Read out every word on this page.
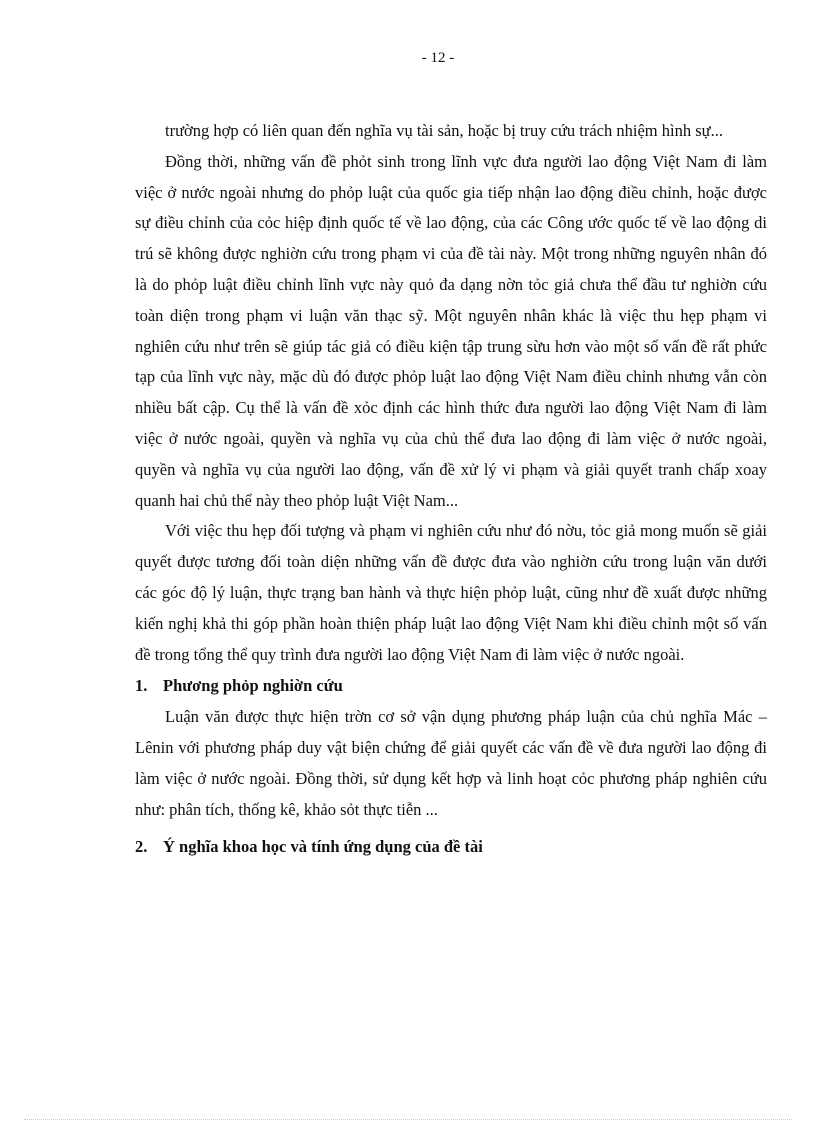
- 12 -

trường hợp có liên quan đến nghĩa vụ tài sản, hoặc bị truy cứu trách nhiệm hình sự...

Đồng thời, những vấn đề phỏt sinh trong lĩnh vực đưa người lao động Việt Nam đi làm việc ở nước ngoài nhưng do phỏp luật của quốc gia tiếp nhận lao động điều chỉnh, hoặc được sự điều chỉnh của cỏc hiệp định quốc tế về lao động, của các Công ước quốc tế về lao động di trú sẽ không được nghiờn cứu trong phạm vi của đề tài này. Một trong những nguyên nhân đó là do phỏp luật điều chỉnh lĩnh vực này quỏ đa dạng nờn tỏc giả chưa thể đầu tư nghiờn cứu toàn diện trong phạm vi luận văn thạc sỹ. Một nguyên nhân khác là việc thu hẹp phạm vi nghiên cứu như trên sẽ giúp tác giả có điều kiện tập trung sừu hơn vào một số vấn đề rất phức tạp của lĩnh vực này, mặc dù đó được phỏp luật lao động Việt Nam điều chỉnh nhưng vẫn còn nhiều bất cập. Cụ thể là vấn đề xỏc định các hình thức đưa người lao động Việt Nam đi làm việc ở nước ngoài, quyền và nghĩa vụ của chủ thể đưa lao động đi làm việc ở nước ngoài, quyền và nghĩa vụ của người lao động, vấn đề xử lý vi phạm và giải quyết tranh chấp xoay quanh hai chủ thể này theo phỏp luật Việt Nam...

Với việc thu hẹp đối tượng và phạm vi nghiên cứu như đó nờu, tỏc giả mong muốn sẽ giải quyết được tương đối toàn diện những vấn đề được đưa vào nghiờn cứu trong luận văn dưới các góc độ lý luận, thực trạng ban hành và thực hiện phỏp luật, cũng như đề xuất được những kiến nghị khả thi góp phần hoàn thiện pháp luật lao động Việt Nam khi điều chỉnh một số vấn đề trong tổng thể quy trình đưa người lao động Việt Nam đi làm việc ở nước ngoài.

1. Phương phỏp nghiờn cứu

Luận văn được thực hiện trờn cơ sở vận dụng phương pháp luận của chủ nghĩa Mác – Lênin với phương pháp duy vật biện chứng để giải quyết các vấn đề về đưa người lao động đi làm việc ở nước ngoài. Đồng thời, sử dụng kết hợp và linh hoạt cỏc phương pháp nghiên cứu như: phân tích, thống kê, khảo sỏt thực tiễn ...

2. Ý nghĩa khoa học và tính ứng dụng của đề tài
